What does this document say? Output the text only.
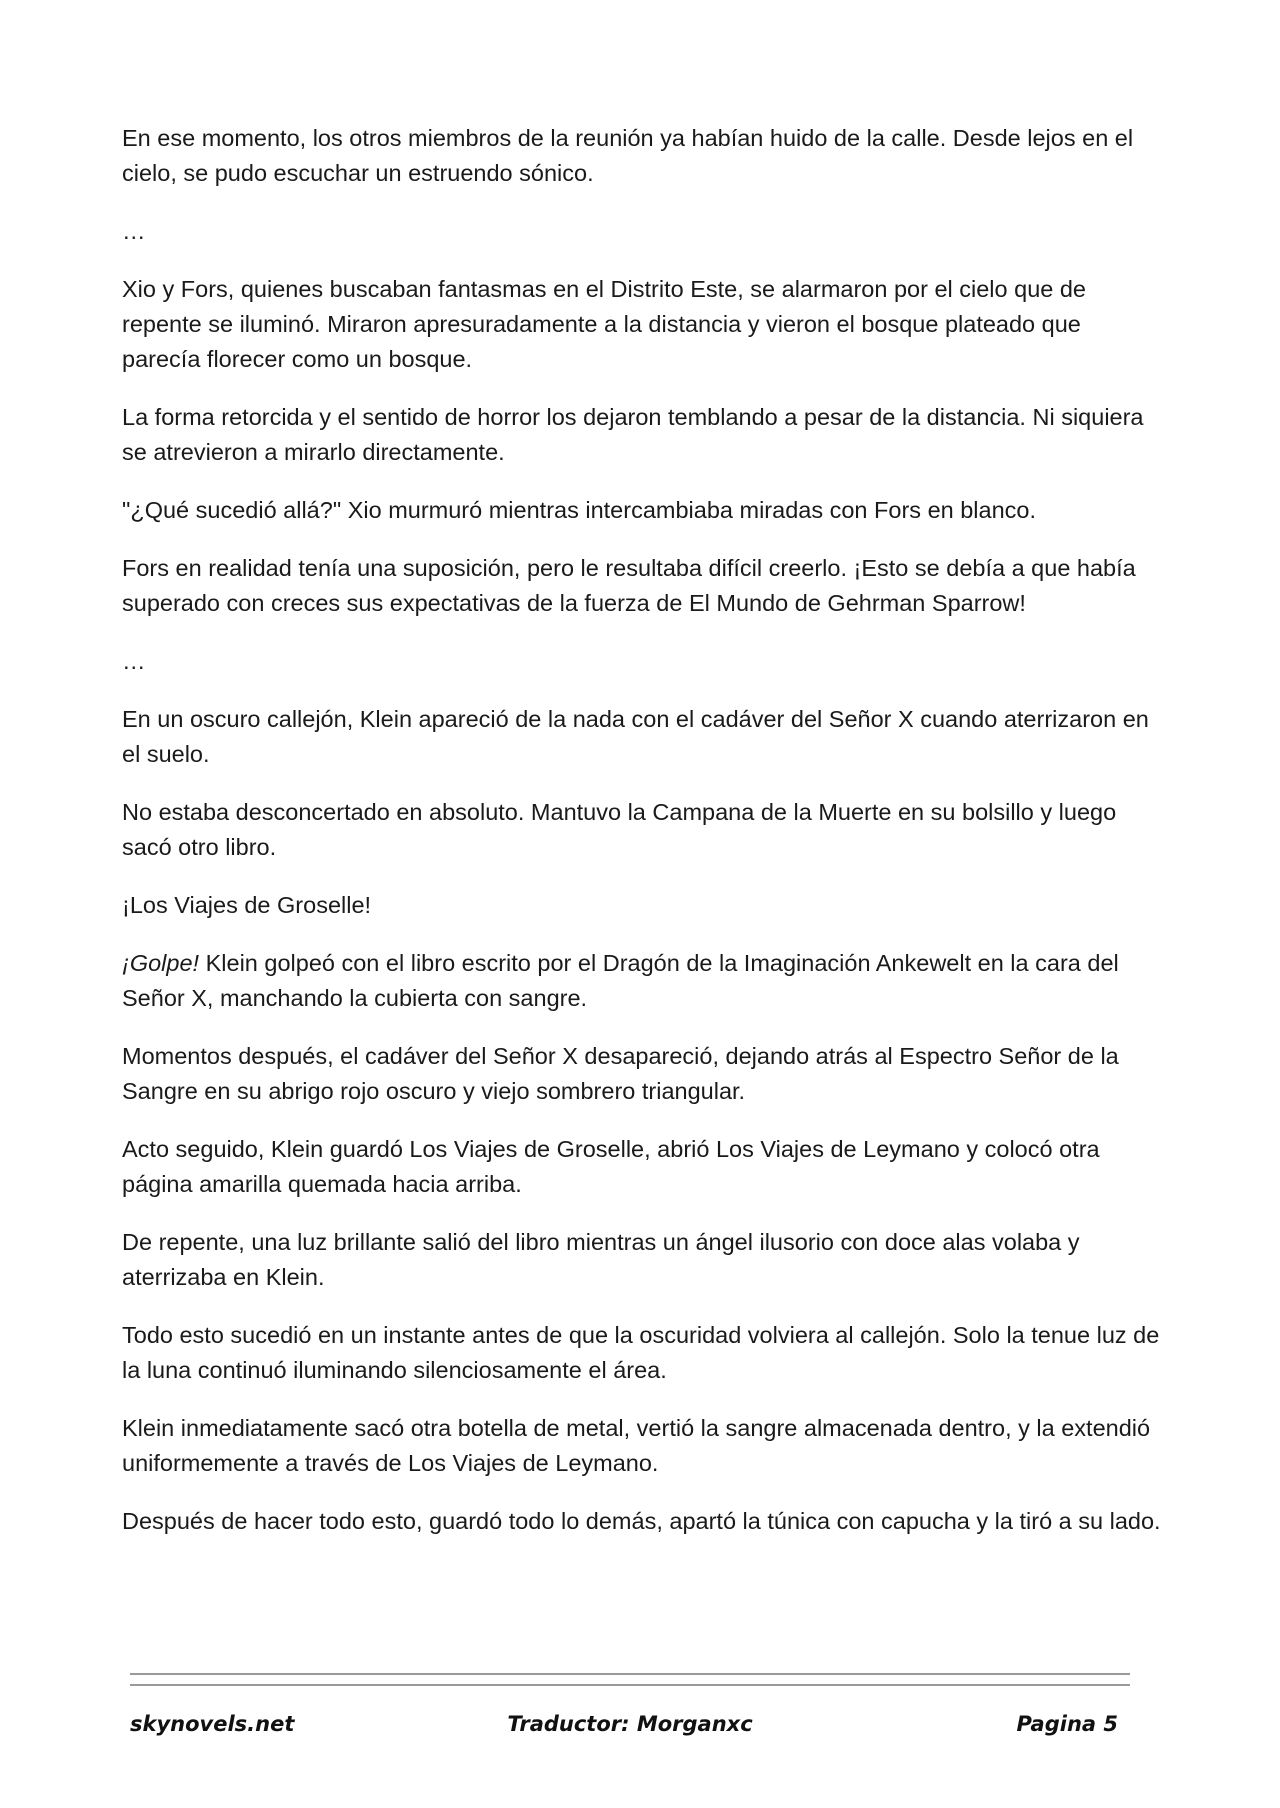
En ese momento, los otros miembros de la reunión ya habían huido de la calle. Desde lejos en el cielo, se pudo escuchar un estruendo sónico.

…

Xio y Fors, quienes buscaban fantasmas en el Distrito Este, se alarmaron por el cielo que de repente se iluminó. Miraron apresuradamente a la distancia y vieron el bosque plateado que parecía florecer como un bosque.

La forma retorcida y el sentido de horror los dejaron temblando a pesar de la distancia. Ni siquiera se atrevieron a mirarlo directamente.

"¿Qué sucedió allá?" Xio murmuró mientras intercambiaba miradas con Fors en blanco.

Fors en realidad tenía una suposición, pero le resultaba difícil creerlo. ¡Esto se debía a que había superado con creces sus expectativas de la fuerza de El Mundo de Gehrman Sparrow!

…

En un oscuro callejón, Klein apareció de la nada con el cadáver del Señor X cuando aterrizaron en el suelo.

No estaba desconcertado en absoluto. Mantuvo la Campana de la Muerte en su bolsillo y luego sacó otro libro.

¡Los Viajes de Groselle!

¡Golpe! Klein golpeó con el libro escrito por el Dragón de la Imaginación Ankewelt en la cara del Señor X, manchando la cubierta con sangre.

Momentos después, el cadáver del Señor X desapareció, dejando atrás al Espectro Señor de la Sangre en su abrigo rojo oscuro y viejo sombrero triangular.

Acto seguido, Klein guardó Los Viajes de Groselle, abrió Los Viajes de Leymano y colocó otra página amarilla quemada hacia arriba.

De repente, una luz brillante salió del libro mientras un ángel ilusorio con doce alas volaba y aterrizaba en Klein.

Todo esto sucedió en un instante antes de que la oscuridad volviera al callejón. Solo la tenue luz de la luna continuó iluminando silenciosamente el área.

Klein inmediatamente sacó otra botella de metal, vertió la sangre almacenada dentro, y la extendió uniformemente a través de Los Viajes de Leymano.

Después de hacer todo esto, guardó todo lo demás, apartó la túnica con capucha y la tiró a su lado.

skynovels.net	Traductor: Morganxc	Pagina 5
